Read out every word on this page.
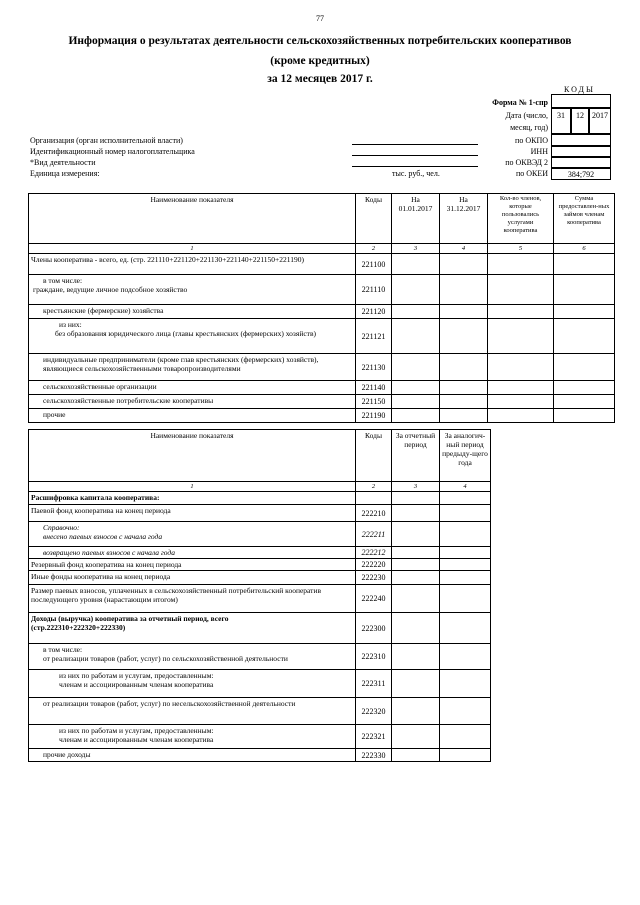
77
Информация о результатах деятельности сельскохозяйственных потребительских кооперативов
(кроме кредитных)
за 12 месяцев 2017 г.
КОДЫ
Форма № 1-спр
Дата (число,
месяц, год)
31	12	2017
по ОКПО
ИНН
по ОКВЭД 2
по ОКЕИ	384;792
Организация (орган исполнительной власти)
Идентификационный номер налогоплательщика
*Вид деятельности
Единица измерения:	тыс. руб., чел.
Наименование показателя	Коды	На 01.01.2017	На 31.12.2017	Кол-во членов, которые пользовались услугами кооператива	Сумма предоставлен-ных займов членам кооператива
1	2	3	4	5	6
Члены кооператива - всего, ед. (стр. 221110+221120+221130+221140+221150+221190)	221100				

в том числе:
граждане, ведущие личное подсобное хозяйство	221110				
крестьянские (фермерские) хозяйства	221120				

из них:
без образования юридического лица (главы крестьянских (фермерских) хозяйств)	221121				
индивидуальные предприниматели (кроме глав крестьянских (фермерских) хозяйств), являющиеся сельскохозяйственными товаропроизводителями	221130				
сельскохозяйственные организации	221140				
сельскохозяйственные потребительские кооперативы	221150				
прочие	221190				
Наименование показателя	Коды	За отчетный период	За аналогич-ный период предыду-щего года
1	2	3	4
Расшифровка капитала кооператива:			
Паевой фонд кооператива на конец периода	222210		

Справочно:
внесено паевых взносов с начала года	222211		
возвращено паевых взносов с начала года	222212		
Резервный фонд кооператива на конец периода	222220		
Иные фонды кооператива на конец периода	222230		
Размер паевых взносов, уплаченных в сельскохозяйственный потребительский кооператив последующего уровня (нарастающим итогом)	222240		

Доходы (выручка) кооператива за отчетный период, всего
(стр.222310+222320+222330)	222300		

в том числе:
от реализации товаров (работ, услуг) по сельскохозяйственной деятельности	222310		

из них по работам и услугам, предоставленным:
членам и ассоциированным членам кооператива	222311		
от реализации товаров (работ, услуг) по несельскохозяйственной деятельности	222320		

из них по работам и услугам, предоставленным:
членам и ассоциированным членам кооператива	222321		
прочие доходы	222330		
